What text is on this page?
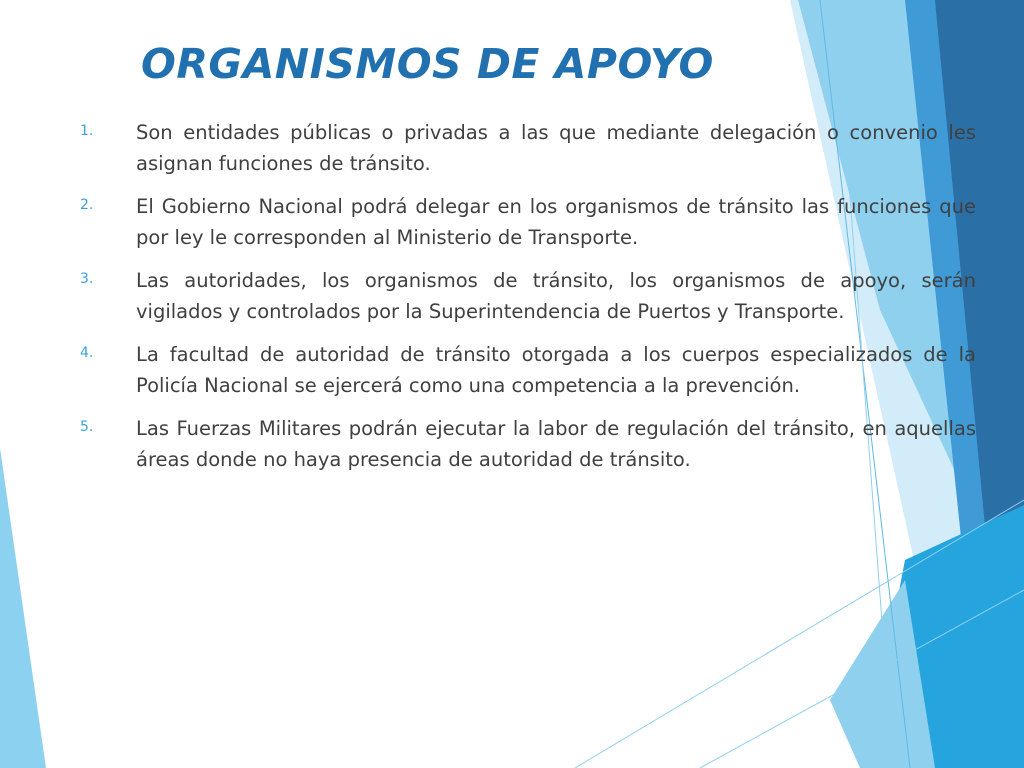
ORGANISMOS DE APOYO
1. Son entidades públicas o privadas a las que mediante delegación o convenio les asignan funciones de tránsito.
2. El Gobierno Nacional podrá delegar en los organismos de tránsito las funciones que por ley le corresponden al Ministerio de Transporte.
3. Las autoridades, los organismos de tránsito, los organismos de apoyo, serán vigilados y controlados por la Superintendencia de Puertos y Transporte.
4. La facultad de autoridad de tránsito otorgada a los cuerpos especializados de la Policía Nacional se ejercerá como una competencia a la prevención.
5. Las Fuerzas Militares podrán ejecutar la labor de regulación del tránsito, en aquellas áreas donde no haya presencia de autoridad de tránsito.
